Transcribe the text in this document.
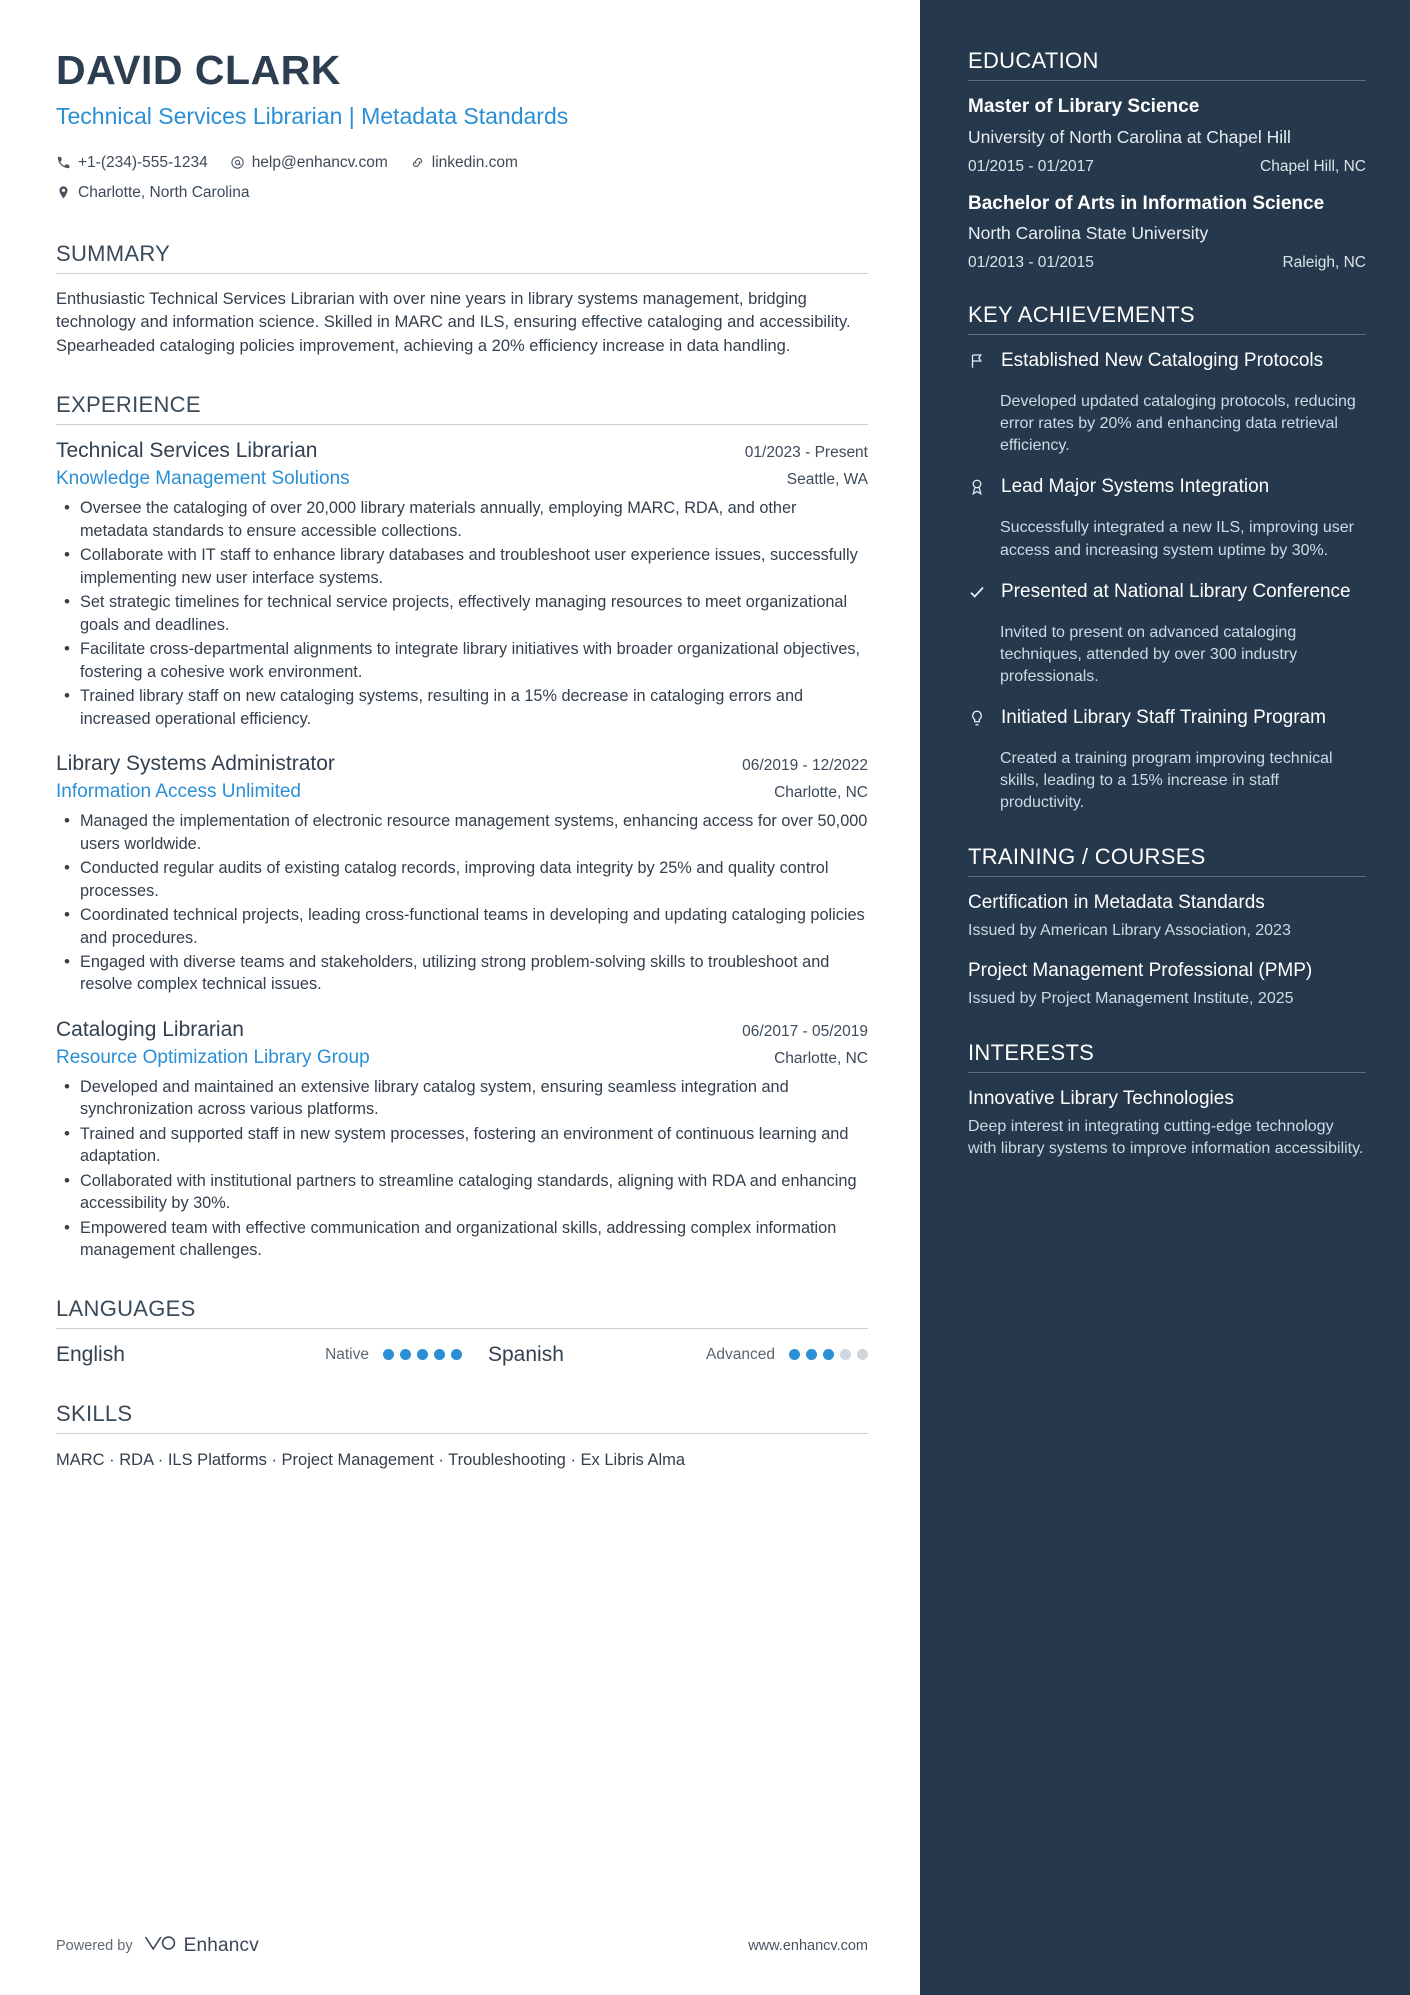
DAVID CLARK
Technical Services Librarian | Metadata Standards
+1-(234)-555-1234	help@enhancv.com	linkedin.com
Charlotte, North Carolina
SUMMARY
Enthusiastic Technical Services Librarian with over nine years in library systems management, bridging technology and information science. Skilled in MARC and ILS, ensuring effective cataloging and accessibility. Spearheaded cataloging policies improvement, achieving a 20% efficiency increase in data handling.
EXPERIENCE
Technical Services Librarian	01/2023 - Present
Knowledge Management Solutions	Seattle, WA
• Oversee the cataloging of over 20,000 library materials annually, employing MARC, RDA, and other metadata standards to ensure accessible collections.
• Collaborate with IT staff to enhance library databases and troubleshoot user experience issues, successfully implementing new user interface systems.
• Set strategic timelines for technical service projects, effectively managing resources to meet organizational goals and deadlines.
• Facilitate cross-departmental alignments to integrate library initiatives with broader organizational objectives, fostering a cohesive work environment.
• Trained library staff on new cataloging systems, resulting in a 15% decrease in cataloging errors and increased operational efficiency.
Library Systems Administrator	06/2019 - 12/2022
Information Access Unlimited	Charlotte, NC
• Managed the implementation of electronic resource management systems, enhancing access for over 50,000 users worldwide.
• Conducted regular audits of existing catalog records, improving data integrity by 25% and quality control processes.
• Coordinated technical projects, leading cross-functional teams in developing and updating cataloging policies and procedures.
• Engaged with diverse teams and stakeholders, utilizing strong problem-solving skills to troubleshoot and resolve complex technical issues.
Cataloging Librarian	06/2017 - 05/2019
Resource Optimization Library Group	Charlotte, NC
• Developed and maintained an extensive library catalog system, ensuring seamless integration and synchronization across various platforms.
• Trained and supported staff in new system processes, fostering an environment of continuous learning and adaptation.
• Collaborated with institutional partners to streamline cataloging standards, aligning with RDA and enhancing accessibility by 30%.
• Empowered team with effective communication and organizational skills, addressing complex information management challenges.
LANGUAGES
English	Native	Spanish	Advanced
SKILLS
MARC · RDA · ILS Platforms · Project Management · Troubleshooting · Ex Libris Alma
Powered by	Enhancv	www.enhancv.com
EDUCATION
Master of Library Science
University of North Carolina at Chapel Hill
01/2015 - 01/2017	Chapel Hill, NC
Bachelor of Arts in Information Science
North Carolina State University
01/2013 - 01/2015	Raleigh, NC
KEY ACHIEVEMENTS
Established New Cataloging Protocols
Developed updated cataloging protocols, reducing error rates by 20% and enhancing data retrieval efficiency.
Lead Major Systems Integration
Successfully integrated a new ILS, improving user access and increasing system uptime by 30%.
Presented at National Library Conference
Invited to present on advanced cataloging techniques, attended by over 300 industry professionals.
Initiated Library Staff Training Program
Created a training program improving technical skills, leading to a 15% increase in staff productivity.
TRAINING / COURSES
Certification in Metadata Standards
Issued by American Library Association, 2023
Project Management Professional (PMP)
Issued by Project Management Institute, 2025
INTERESTS
Innovative Library Technologies
Deep interest in integrating cutting-edge technology with library systems to improve information accessibility.
